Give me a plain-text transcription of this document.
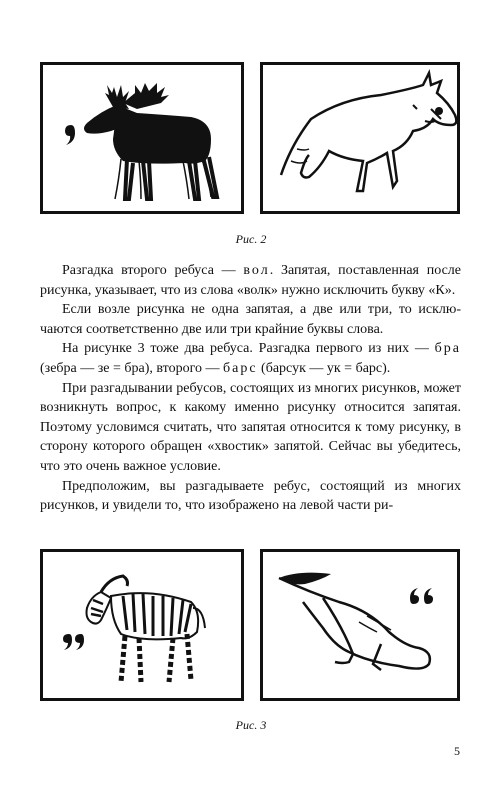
Рис. 2

Разгадка второго ребуса — вол. Запятая, поставленная после рисунка, указывает, что из слова «волк» нужно исключить букву «К».

Если возле рисунка не одна запятая, а две или три, то исключаются соответственно две или три крайние буквы слова.

На рисунке 3 тоже два ребуса. Разгадка первого из них — бра (зебра — зе = бра), второго — барс (барсук — ук = барс).

При разгадывании ребусов, состоящих из многих рисунков, может возникнуть вопрос, к какому именно рисунку относится запятая. Поэтому условимся считать, что запятая относится к тому рисунку, в сторону которого обращен «хвостик» запятой. Сейчас вы убедитесь, что это очень важное условие.

Предположим, вы разгадываете ребус, состоящий из многих рисунков, и увидели то, что изображено на левой части ри-

Рис. 3
5
